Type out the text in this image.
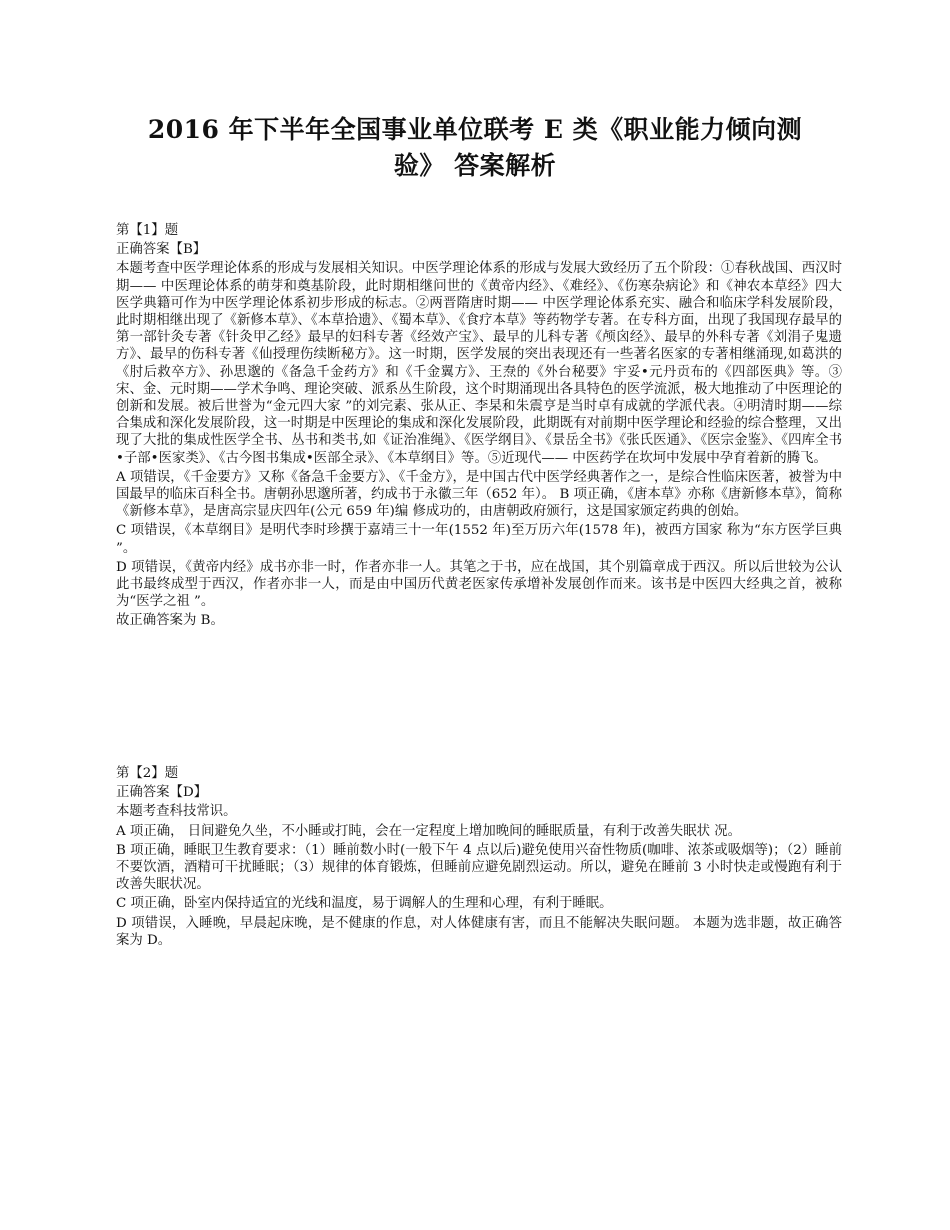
2016 年下半年全国事业单位联考 E 类《职业能力倾向测
验》 答案解析

第【1】题

正确答案【B】

本题考查中医学理论体系的形成与发展相关知识。中医学理论体系的形成与发展大致经历了五个阶段：①春秋战国、西汉时期—— 中医理论体系的萌芽和奠基阶段，此时期相继问世的《黄帝内经》、《难经》、《伤寒杂病论》和《神农本草经》四大医学典籍可作为中医学理论体系初步形成的标志。②两晋隋唐时期—— 中医学理论体系充实、融合和临床学科发展阶段，此时期相继出现了《新修本草》、《本草拾遗》、《蜀本草》、《食疗本草》等药物学专著。在专科方面，出现了我国现存最早的第一部针灸专著《针灸甲乙经》最早的妇科专著《经效产宝》、最早的儿科专著《颅囟经》、最早的外科专著《刘涓子鬼遗方》、最早的伤科专著《仙授理伤续断秘方》。这一时期，医学发展的突出表现还有一些著名医家的专著相继涌现,如葛洪的《肘后救卒方》、孙思邈的《备急千金药方》和《千金翼方》、王焘的《外台秘要》宇妥•元丹贡布的《四部医典》等。③宋、金、元时期——学术争鸣、理论突破、派系丛生阶段，这个时期涌现出各具特色的医学流派，极大地推动了中医理论的创新和发展。被后世誉为“金元四大家 ”的刘完素、张从正、李杲和朱震亨是当时卓有成就的学派代表。④明清时期——综合集成和深化发展阶段，这一时期是中医理论的集成和深化发展阶段，此期既有对前期中医学理论和经验的综合整理，又出现了大批的集成性医学全书、丛书和类书,如《证治准绳》、《医学纲目》、《景岳全书》《张氏医通》、《医宗金鉴》、《四库全书•子部•医家类》、《古今图书集成•医部全录》、《本草纲目》等。⑤近现代—— 中医药学在坎坷中发展中孕育着新的腾飞。

A 项错误，《千金要方》又称《备急千金要方》、《千金方》，是中国古代中医学经典著作之一，是综合性临床医著，被誉为中国最早的临床百科全书。唐朝孙思邈所著，约成书于永徽三年（652 年）。 B 项正确，《唐本草》亦称《唐新修本草》，简称《新修本草》，是唐高宗显庆四年(公元 659 年)编 修成功的，由唐朝政府颁行，这是国家颁定药典的创始。

C 项错误，《本草纲目》是明代李时珍撰于嘉靖三十一年(1552 年)至万历六年(1578 年)，被西方国家 称为“东方医学巨典 ”。

D 项错误，《黄帝内经》成书亦非一时，作者亦非一人。其笔之于书，应在战国，其个别篇章成于西汉。所以后世较为公认此书最终成型于西汉，作者亦非一人，而是由中国历代黄老医家传承增补发展创作而来。该书是中医四大经典之首，被称为“医学之祖 ”。

故正确答案为 B。

第【2】题

正确答案【D】

本题考查科技常识。

A 项正确， 日间避免久坐，不小睡或打盹，会在一定程度上增加晚间的睡眠质量，有利于改善失眠状 况。

B 项正确，睡眠卫生教育要求：（1）睡前数小时(一般下午 4 点以后)避免使用兴奋性物质(咖啡、浓茶或吸烟等)；（2）睡前不要饮酒，酒精可干扰睡眠；（3）规律的体育锻炼，但睡前应避免剧烈运动。所以，避免在睡前 3 小时快走或慢跑有利于改善失眠状况。

C 项正确，卧室内保持适宜的光线和温度，易于调解人的生理和心理，有利于睡眠。

D 项错误，入睡晚，早晨起床晚，是不健康的作息，对人体健康有害，而且不能解决失眠问题。 本题为选非题，故正确答案为 D。
